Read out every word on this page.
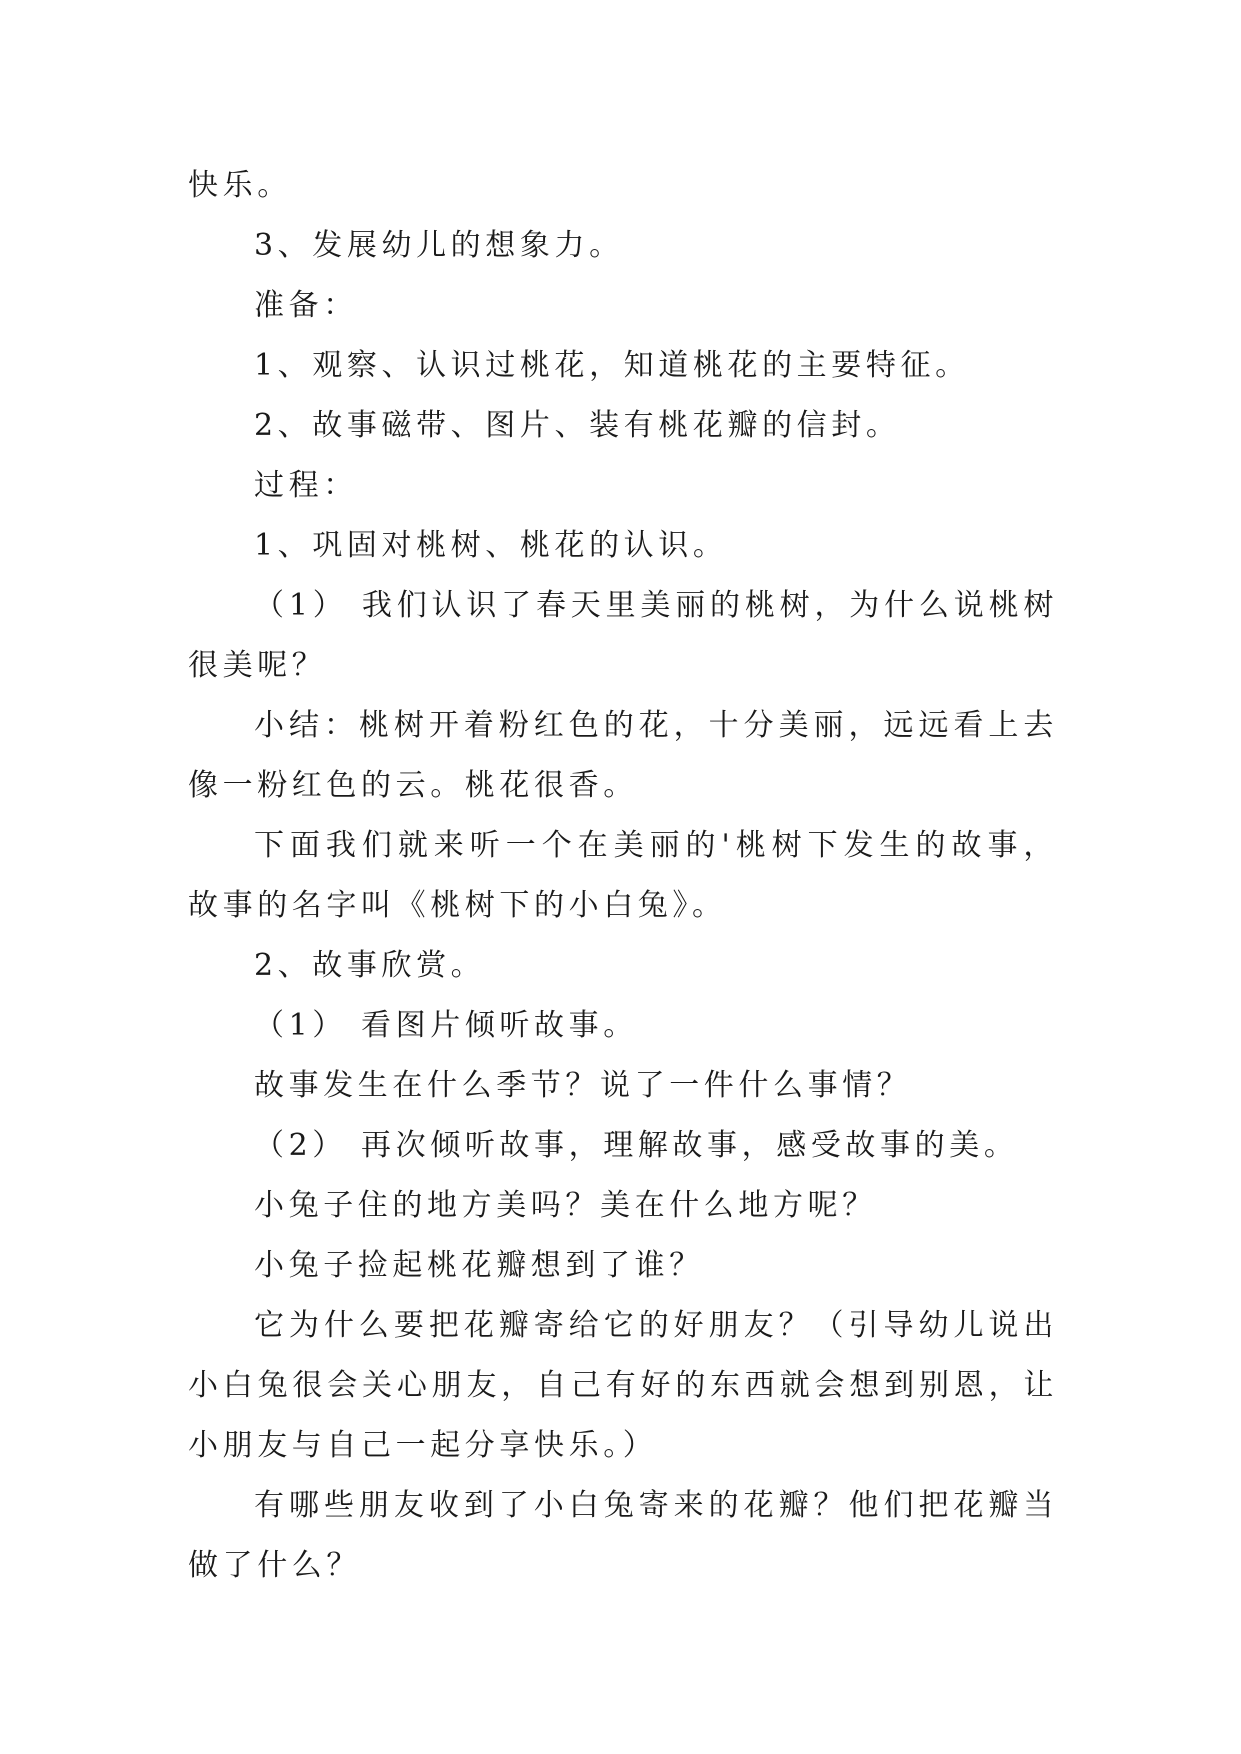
快乐。

3、发展幼儿的想象力。

准备：

1、观察、认识过桃花，知道桃花的主要特征。

2、故事磁带、图片、装有桃花瓣的信封。

过程：

1、巩固对桃树、桃花的认识。

（1） 我们认识了春天里美丽的桃树，为什么说桃树很美呢？

小结：桃树开着粉红色的花，十分美丽，远远看上去像一粉红色的云。桃花很香。

下面我们就来听一个在美丽的'桃树下发生的故事，故事的名字叫《桃树下的小白兔》。

2、故事欣赏。

（1） 看图片倾听故事。

故事发生在什么季节？说了一件什么事情？

（2） 再次倾听故事，理解故事，感受故事的美。

小兔子住的地方美吗？美在什么地方呢？

小兔子捡起桃花瓣想到了谁？

它为什么要把花瓣寄给它的好朋友？（引导幼儿说出小白兔很会关心朋友，自己有好的东西就会想到别恩，让小朋友与自己一起分享快乐。）

有哪些朋友收到了小白兔寄来的花瓣？他们把花瓣当做了什么？
